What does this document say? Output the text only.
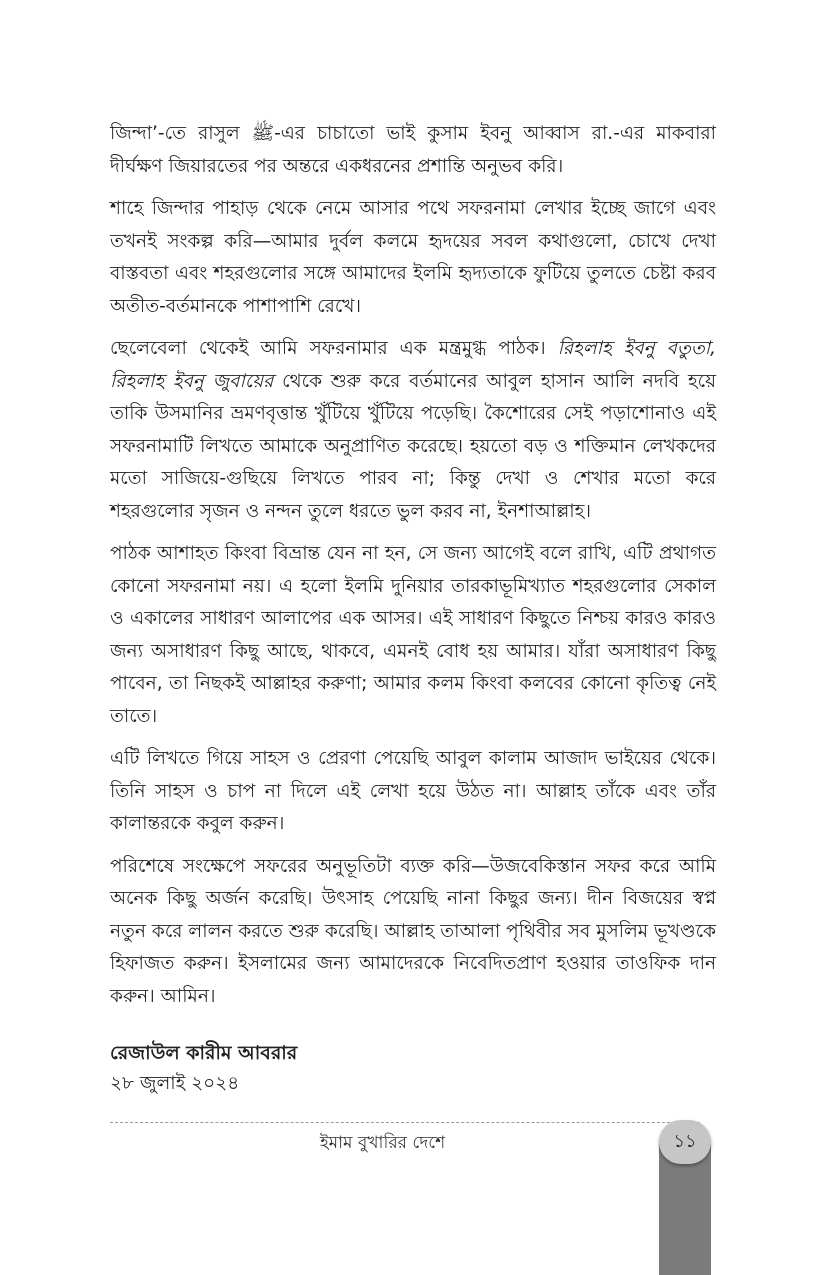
জিন্দা’-তে রাসুল ﷺ-এর চাচাতো ভাই কুসাম ইবনু আব্বাস রা.-এর মাকবারা দীর্ঘক্ষণ জিয়ারতের পর অন্তরে একধরনের প্রশান্তি অনুভব করি।

শাহে জিন্দার পাহাড় থেকে নেমে আসার পথে সফরনামা লেখার ইচ্ছে জাগে এবং তখনই সংকল্প করি—আমার দুর্বল কলমে হৃদয়ের সবল কথাগুলো, চোখে দেখা বাস্তবতা এবং শহরগুলোর সঙ্গে আমাদের ইলমি হৃদ্যতাকে ফুটিয়ে তুলতে চেষ্টা করব অতীত-বর্তমানকে পাশাপাশি রেখে।

ছেলেবেলা থেকেই আমি সফরনামার এক মন্ত্রমুগ্ধ পাঠক। রিহলাহ ইবনু বতুতা, রিহলাহ ইবনু জুবায়ের থেকে শুরু করে বর্তমানের আবুল হাসান আলি নদবি হয়ে তাকি উসমানির ভ্রমণবৃত্তান্ত খুঁটিয়ে খুঁটিয়ে পড়েছি। কৈশোরের সেই পড়াশোনাও এই সফরনামাটি লিখতে আমাকে অনুপ্রাণিত করেছে। হয়তো বড় ও শক্তিমান লেখকদের মতো সাজিয়ে-গুছিয়ে লিখতে পারব না; কিন্তু দেখা ও শেখার মতো করে শহরগুলোর সৃজন ও নন্দন তুলে ধরতে ভুল করব না, ইনশাআল্লাহ।

পাঠক আশাহত কিংবা বিভ্রান্ত যেন না হন, সে জন্য আগেই বলে রাখি, এটি প্রথাগত কোনো সফরনামা নয়। এ হলো ইলমি দুনিয়ার তারকাভূমিখ্যাত শহরগুলোর সেকাল ও একালের সাধারণ আলাপের এক আসর। এই সাধারণ কিছুতে নিশ্চয় কারও কারও জন্য অসাধারণ কিছু আছে, থাকবে, এমনই বোধ হয় আমার। যাঁরা অসাধারণ কিছু পাবেন, তা নিছকই আল্লাহর করুণা; আমার কলম কিংবা কলবের কোনো কৃতিত্ব নেই তাতে।

এটি লিখতে গিয়ে সাহস ও প্রেরণা পেয়েছি আবুল কালাম আজাদ ভাইয়ের থেকে। তিনি সাহস ও চাপ না দিলে এই লেখা হয়ে উঠত না। আল্লাহ তাঁকে এবং তাঁর কালান্তরকে কবুল করুন।

পরিশেষে সংক্ষেপে সফরের অনুভূতিটা ব্যক্ত করি—উজবেকিস্তান সফর করে আমি অনেক কিছু অর্জন করেছি। উৎসাহ পেয়েছি নানা কিছুর জন্য। দীন বিজয়ের স্বপ্ন নতুন করে লালন করতে শুরু করেছি। আল্লাহ তাআলা পৃথিবীর সব মুসলিম ভূখণ্ডকে হিফাজত করুন। ইসলামের জন্য আমাদেরকে নিবেদিতপ্রাণ হওয়ার তাওফিক দান করুন। আমিন।

রেজাউল কারীম আবরার
২৮ জুলাই ২০২৪
ইমাম বুখারির দেশে	১১
